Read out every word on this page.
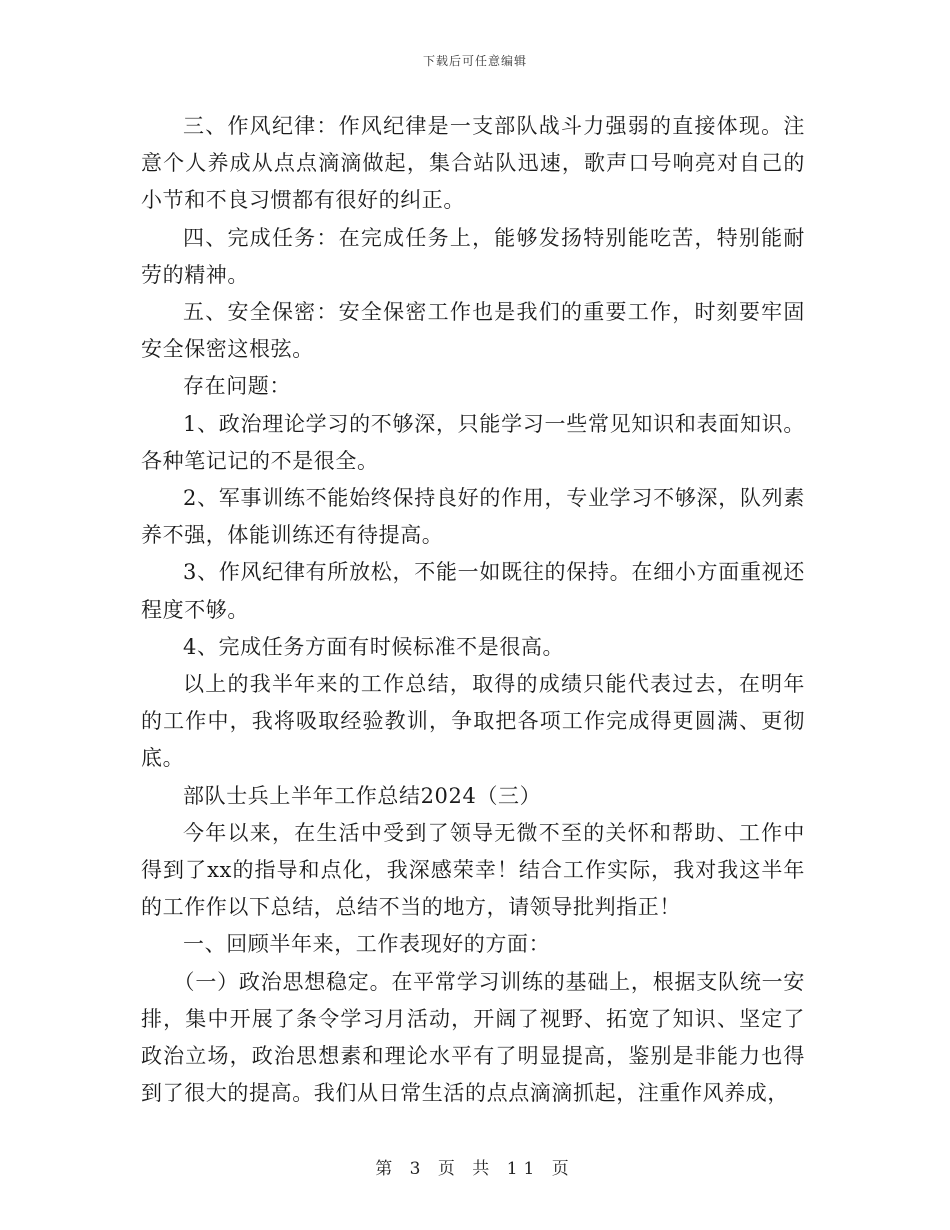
下载后可任意编辑

三、作风纪律：作风纪律是一支部队战斗力强弱的直接体现。注意个人养成从点点滴滴做起，集合站队迅速，歌声口号响亮对自己的小节和不良习惯都有很好的纠正。

四、完成任务：在完成任务上，能够发扬特别能吃苦，特别能耐劳的精神。

五、安全保密：安全保密工作也是我们的重要工作，时刻要牢固安全保密这根弦。

存在问题：

1、政治理论学习的不够深，只能学习一些常见知识和表面知识。各种笔记记的不是很全。

2、军事训练不能始终保持良好的作用，专业学习不够深，队列素养不强，体能训练还有待提高。

3、作风纪律有所放松，不能一如既往的保持。在细小方面重视还程度不够。

4、完成任务方面有时候标准不是很高。

以上的我半年来的工作总结，取得的成绩只能代表过去，在明年的工作中，我将吸取经验教训，争取把各项工作完成得更圆满、更彻底。

部队士兵上半年工作总结2024（三）

今年以来，在生活中受到了领导无微不至的关怀和帮助、工作中得到了xx的指导和点化，我深感荣幸！结合工作实际，我对我这半年的工作作以下总结，总结不当的地方，请领导批判指正！

一、回顾半年来，工作表现好的方面：

（一）政治思想稳定。在平常学习训练的基础上，根据支队统一安排，集中开展了条令学习月活动，开阔了视野、拓宽了知识、坚定了政治立场，政治思想素和理论水平有了明显提高，鉴别是非能力也得到了很大的提高。我们从日常生活的点点滴滴抓起，注重作风养成，

第 3 页 共 11 页
